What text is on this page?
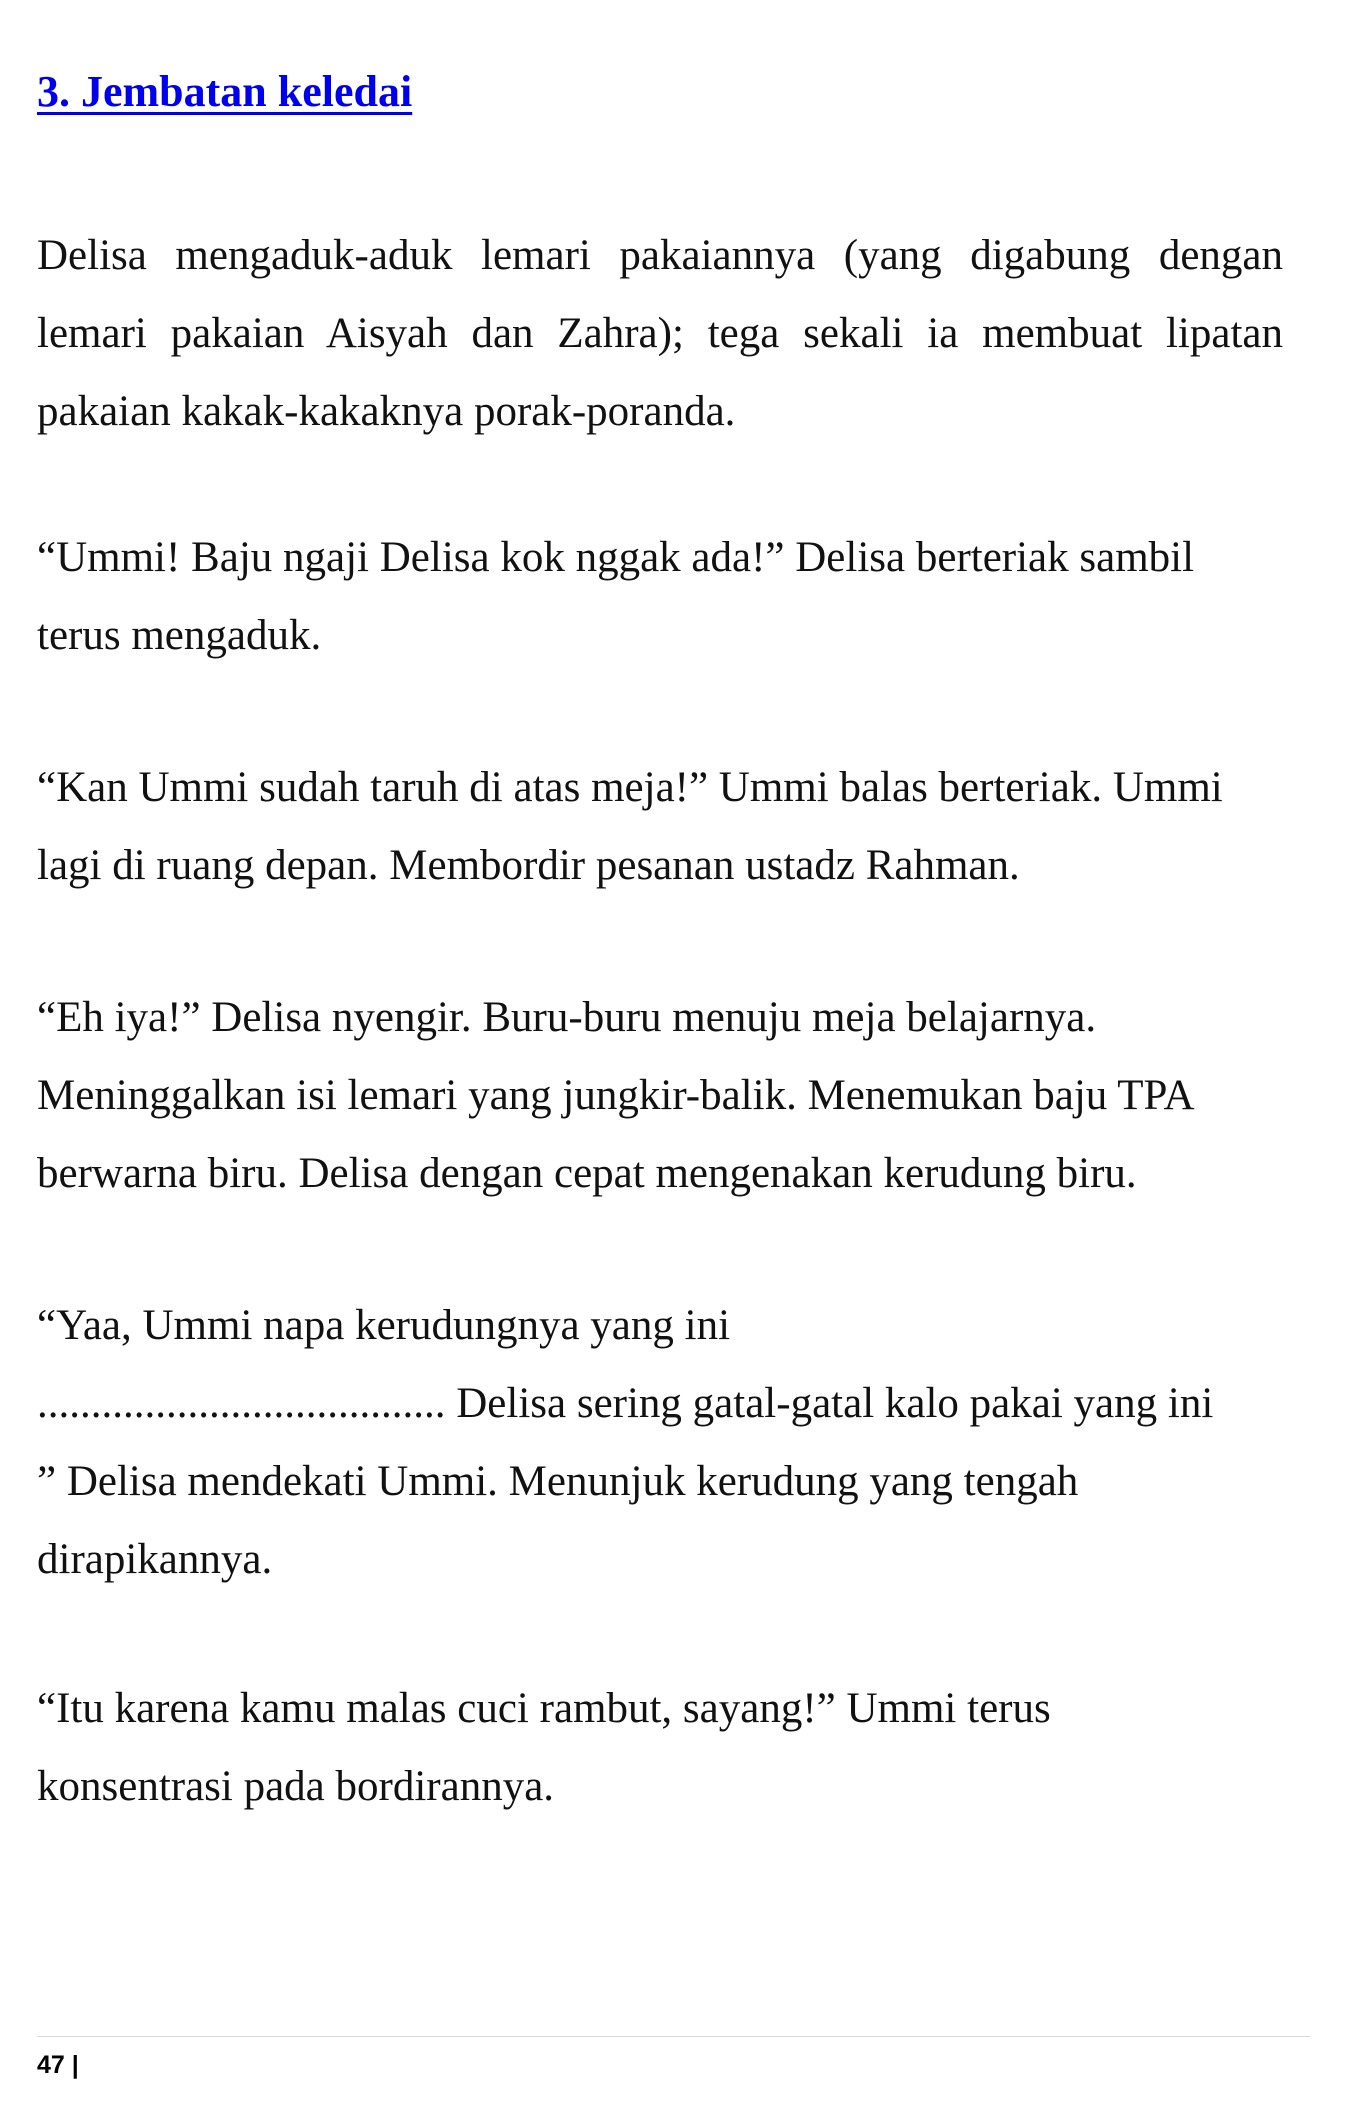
3. Jembatan keledai

Delisa mengaduk-aduk lemari pakaiannya (yang digabung dengan
lemari pakaian Aisyah dan Zahra); tega sekali ia membuat lipatan
pakaian kakak-kakaknya porak-poranda.

“Ummi! Baju ngaji Delisa kok nggak ada!” Delisa berteriak sambil
terus mengaduk.

“Kan Ummi sudah taruh di atas meja!” Ummi balas berteriak. Ummi
lagi di ruang depan. Membordir pesanan ustadz Rahman.

“Eh iya!” Delisa nyengir. Buru-buru menuju meja belajarnya.
Meninggalkan isi lemari yang jungkir-balik. Menemukan baju TPA
berwarna biru. Delisa dengan cepat mengenakan kerudung biru.

“Yaa, Ummi napa kerudungnya yang ini
...................................... Delisa sering gatal-gatal kalo pakai yang ini
” Delisa mendekati Ummi. Menunjuk kerudung yang tengah
dirapikannya.

“Itu karena kamu malas cuci rambut, sayang!” Ummi terus
konsentrasi pada bordirannya.

47 |
